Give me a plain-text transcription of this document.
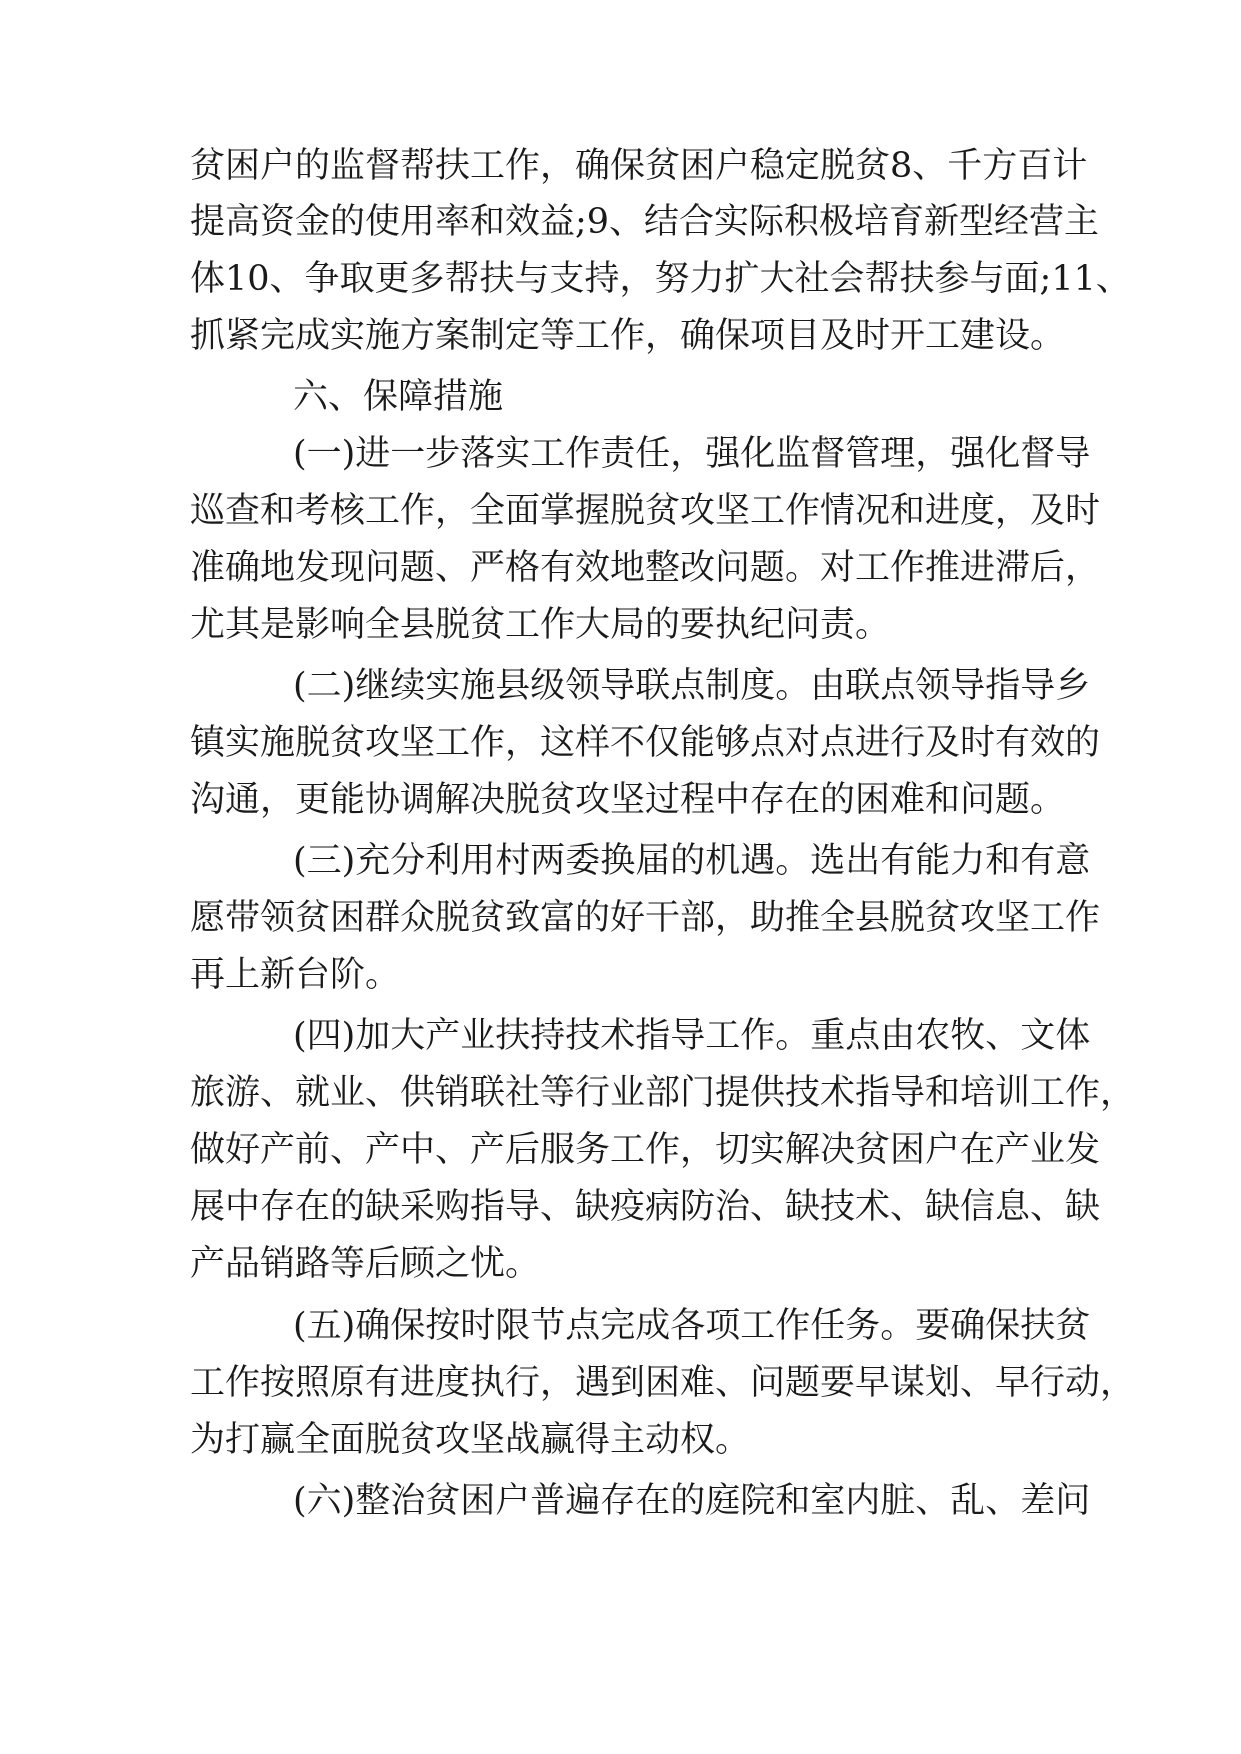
贫困户的监督帮扶工作，确保贫困户稳定脱贫8、千方百计
提高资金的使用率和效益;9、结合实际积极培育新型经营主
体10、争取更多帮扶与支持，努力扩大社会帮扶参与面;11、
抓紧完成实施方案制定等工作，确保项目及时开工建设。
六、保障措施
(一)进一步落实工作责任，强化监督管理，强化督导
巡查和考核工作，全面掌握脱贫攻坚工作情况和进度，及时
准确地发现问题、严格有效地整改问题。对工作推进滞后，
尤其是影响全县脱贫工作大局的要执纪问责。
(二)继续实施县级领导联点制度。由联点领导指导乡
镇实施脱贫攻坚工作，这样不仅能够点对点进行及时有效的
沟通，更能协调解决脱贫攻坚过程中存在的困难和问题。
(三)充分利用村两委换届的机遇。选出有能力和有意
愿带领贫困群众脱贫致富的好干部，助推全县脱贫攻坚工作
再上新台阶。
(四)加大产业扶持技术指导工作。重点由农牧、文体
旅游、就业、供销联社等行业部门提供技术指导和培训工作，
做好产前、产中、产后服务工作，切实解决贫困户在产业发
展中存在的缺采购指导、缺疫病防治、缺技术、缺信息、缺
产品销路等后顾之忧。
(五)确保按时限节点完成各项工作任务。要确保扶贫
工作按照原有进度执行，遇到困难、问题要早谋划、早行动，
为打赢全面脱贫攻坚战赢得主动权。
(六)整治贫困户普遍存在的庭院和室内脏、乱、差问
